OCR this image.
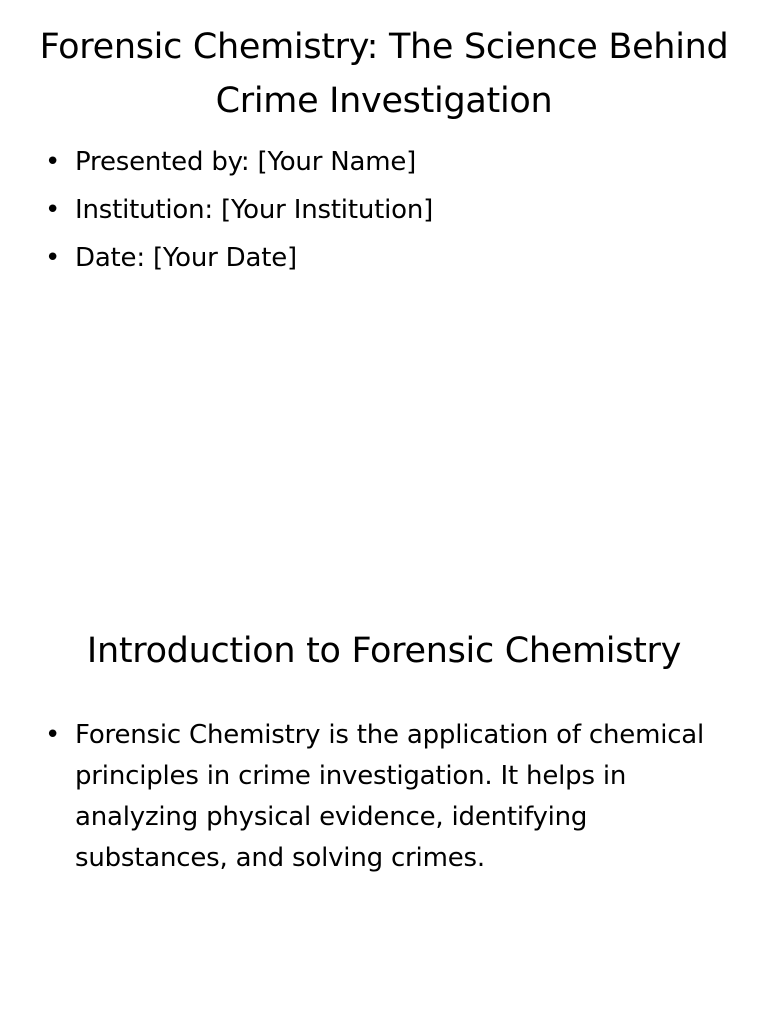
Forensic Chemistry: The Science Behind Crime Investigation
• Presented by: [Your Name]
• Institution: [Your Institution]
• Date: [Your Date]
Introduction to Forensic Chemistry
• Forensic Chemistry is the application of chemical principles in crime investigation. It helps in analyzing physical evidence, identifying substances, and solving crimes.
